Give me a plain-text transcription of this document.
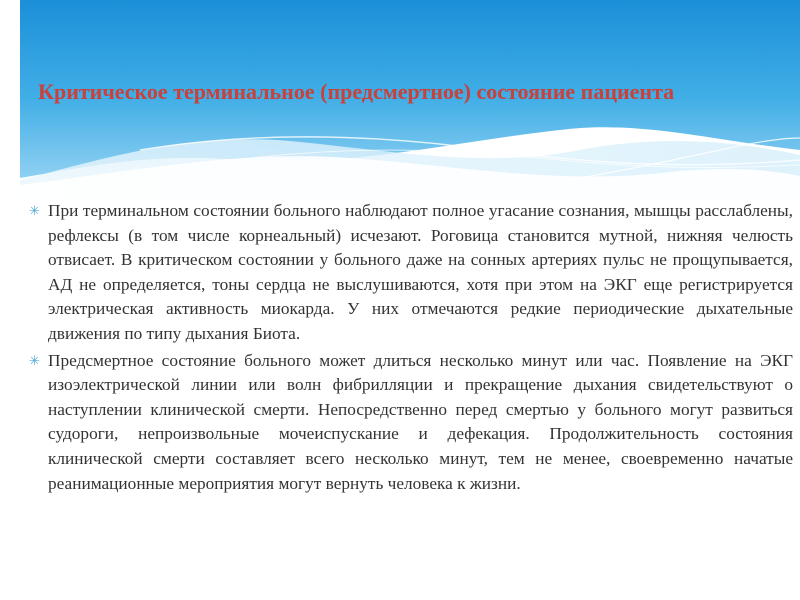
Критическое терминальное (предсмертное) состояние пациента
✳ При терминальном состоянии больного наблюдают полное угасание сознания, мышцы расслаблены, рефлексы (в том числе корнеальный) исчезают. Роговица становится мутной, нижняя челюсть отвисает. В критическом состоянии у больного даже на сонных артериях пульс не прощупывается, АД не определяется, тоны сердца не выслушиваются, хотя при этом на ЭКГ еще регистрируется электрическая активность миокарда. У них отмечаются редкие периодические дыхательные движения по типу дыхания Биота.
✳ Предсмертное состояние больного может длиться несколько минут или час. Появление на ЭКГ изоэлектрической линии или волн фибрилляции и прекращение дыхания свидетельствуют о наступлении клинической смерти. Непосредственно перед смертью у больного могут развиться судороги, непроизвольные мочеиспускание и дефекация. Продолжительность состояния клинической смерти составляет всего несколько минут, тем не менее, своевременно начатые реанимационные мероприятия могут вернуть человека к жизни.
